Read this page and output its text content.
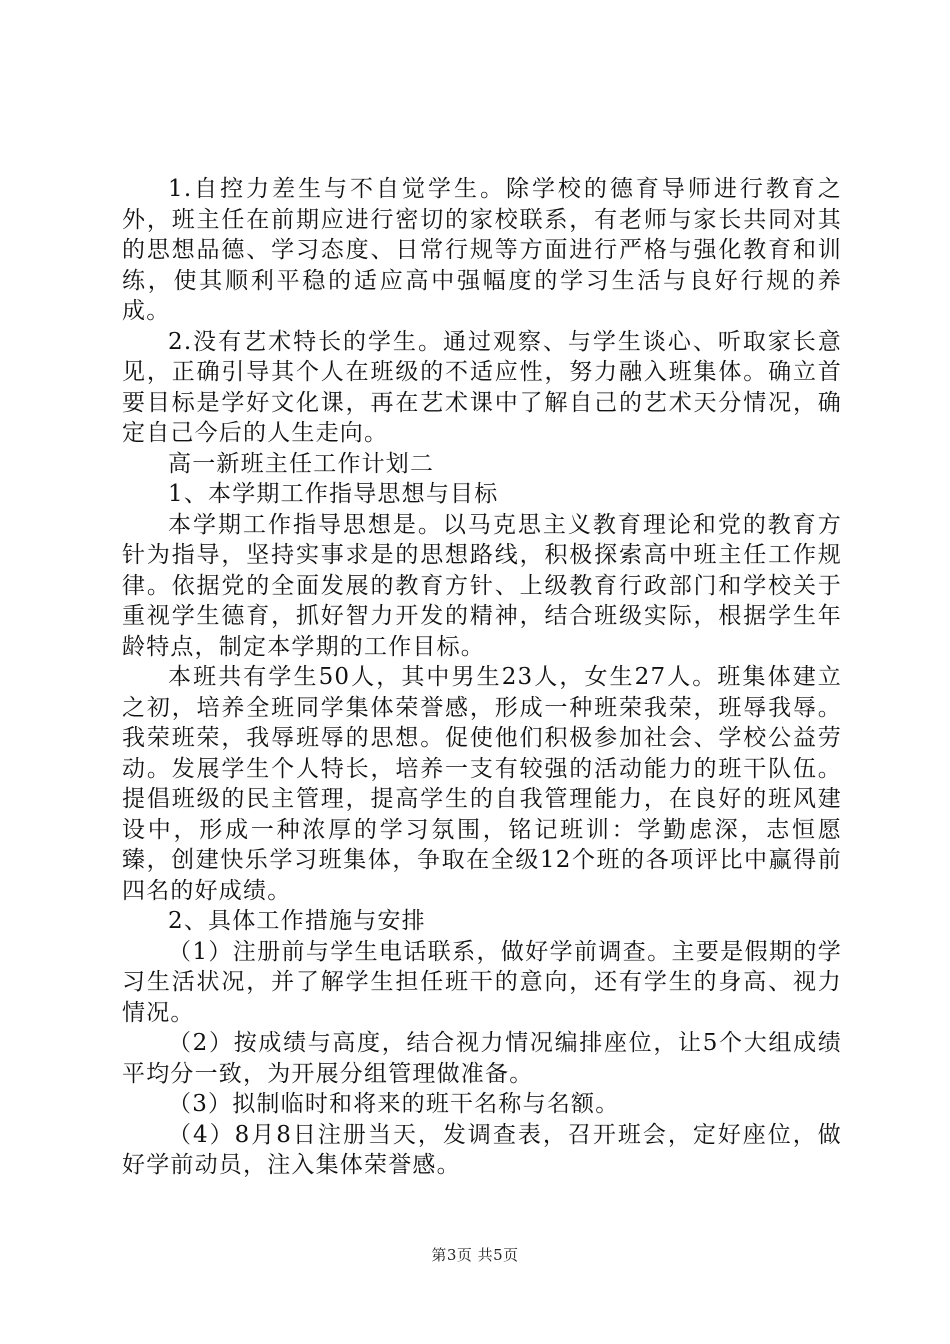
1.自控力差生与不自觉学生。除学校的德育导师进行教育之外，班主任在前期应进行密切的家校联系，有老师与家长共同对其的思想品德、学习态度、日常行规等方面进行严格与强化教育和训练，使其顺利平稳的适应高中强幅度的学习生活与良好行规的养成。

2.没有艺术特长的学生。通过观察、与学生谈心、听取家长意见，正确引导其个人在班级的不适应性，努力融入班集体。确立首要目标是学好文化课，再在艺术课中了解自己的艺术天分情况，确定自己今后的人生走向。

高一新班主任工作计划二

1、本学期工作指导思想与目标

本学期工作指导思想是。以马克思主义教育理论和党的教育方针为指导，坚持实事求是的思想路线，积极探索高中班主任工作规律。依据党的全面发展的教育方针、上级教育行政部门和学校关于重视学生德育，抓好智力开发的精神，结合班级实际，根据学生年龄特点，制定本学期的工作目标。

本班共有学生50人，其中男生23人，女生27人。班集体建立之初，培养全班同学集体荣誉感，形成一种班荣我荣，班辱我辱。我荣班荣，我辱班辱的思想。促使他们积极参加社会、学校公益劳动。发展学生个人特长，培养一支有较强的活动能力的班干队伍。提倡班级的民主管理，提高学生的自我管理能力，在良好的班风建设中，形成一种浓厚的学习氛围，铭记班训：学勤虑深，志恒愿臻，创建快乐学习班集体，争取在全级12个班的各项评比中赢得前四名的好成绩。

2、具体工作措施与安排

（1）注册前与学生电话联系，做好学前调查。主要是假期的学习生活状况，并了解学生担任班干的意向，还有学生的身高、视力情况。

（2）按成绩与高度，结合视力情况编排座位，让5个大组成绩平均分一致，为开展分组管理做准备。

（3）拟制临时和将来的班干名称与名额。

（4）8月8日注册当天，发调查表，召开班会，定好座位，做好学前动员，注入集体荣誉感。

第3页 共5页
